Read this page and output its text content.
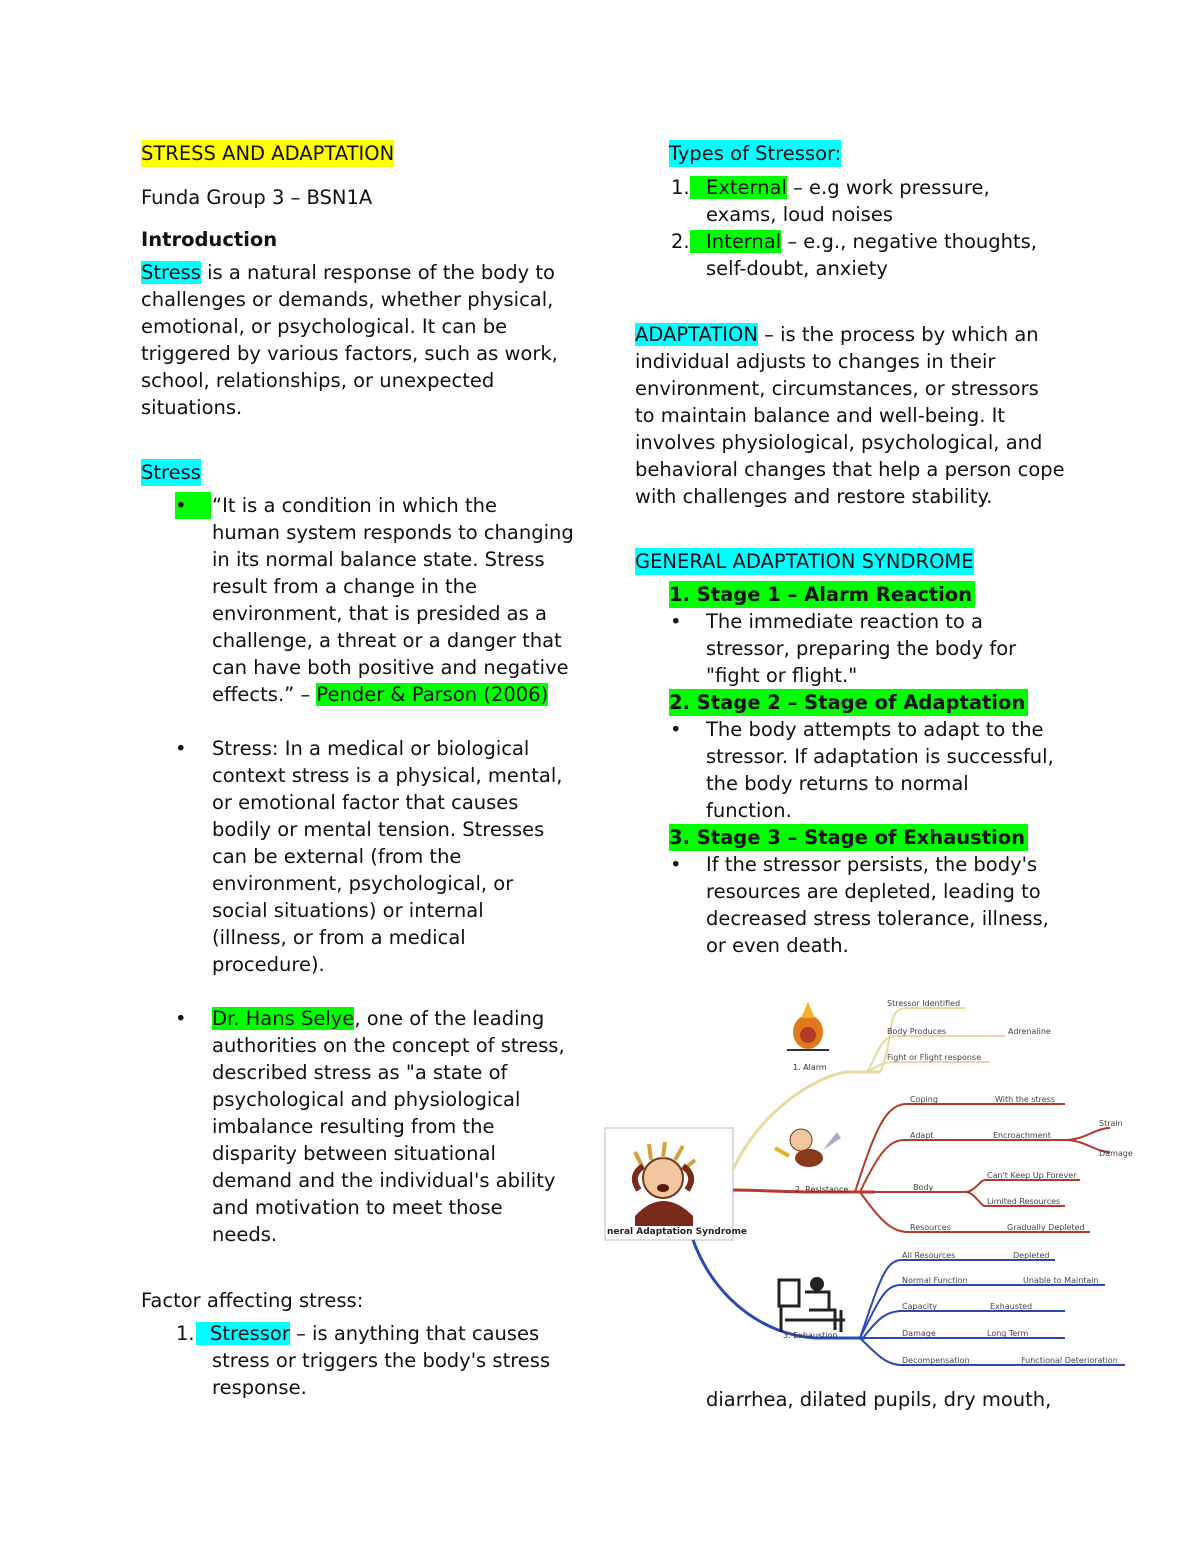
STRESS AND ADAPTATION
Funda Group 3 – BSN1A
Introduction
Stress is a natural response of the body to
challenges or demands, whether physical,
emotional, or psychological. It can be
triggered by various factors, such as work,
school, relationships, or unexpected
situations.
Stress
•	“It is a condition in which the
human system responds to changing
in its normal balance state. Stress
result from a change in the
environment, that is presided as a
challenge, a threat or a danger that
can have both positive and negative
effects.” – Pender & Parson (2006)
• Stress: In a medical or biological
context stress is a physical, mental,
or emotional factor that causes
bodily or mental tension. Stresses
can be external (from the
environment, psychological, or
social situations) or internal
(illness, or from a medical
procedure).
• Dr. Hans Selye, one of the leading
authorities on the concept of stress,
described stress as "a state of
psychological and physiological
imbalance resulting from the
disparity between situational
demand and the individual's ability
and motivation to meet those
needs.
Factor affecting stress:
1. Stressor – is anything that causes
stress or triggers the body's stress
response.
Types of Stressor:
1. External – e.g work pressure,
exams, loud noises
2. Internal – e.g., negative thoughts,
self-doubt, anxiety
ADAPTATION – is the process by which an
individual adjusts to changes in their
environment, circumstances, or stressors
to maintain balance and well-being. It
involves physiological, psychological, and
behavioral changes that help a person cope
with challenges and restore stability.
GENERAL ADAPTATION SYNDROME
1. Stage 1 – Alarm Reaction
• The immediate reaction to a
stressor, preparing the body for
"fight or flight."
2. Stage 2 – Stage of Adaptation
• The body attempts to adapt to the
stressor. If adaptation is successful,
the body returns to normal
function.
3. Stage 3 – Stage of Exhaustion
• If the stressor persists, the body's
resources are depleted, leading to
decreased stress tolerance, illness,
or even death.
neral Adaptation Syndrome
1. Alarm
Stressor Identified
Body Produces	Adrenaline
Fight or Flight response
2. Resistance
Coping	With the stress
Adapt	Encroachment
Strain
Damage
Body
Can't Keep Up Forever
Limited Resources
Resources	Gradually Depleted
3. Exhaustion
All Resources	Depleted
Normal Function	Unable to Maintain
Capacity	Exhausted
Damage	Long Term
Decompensation	Functional Deterioration
diarrhea, dilated pupils, dry mouth,
